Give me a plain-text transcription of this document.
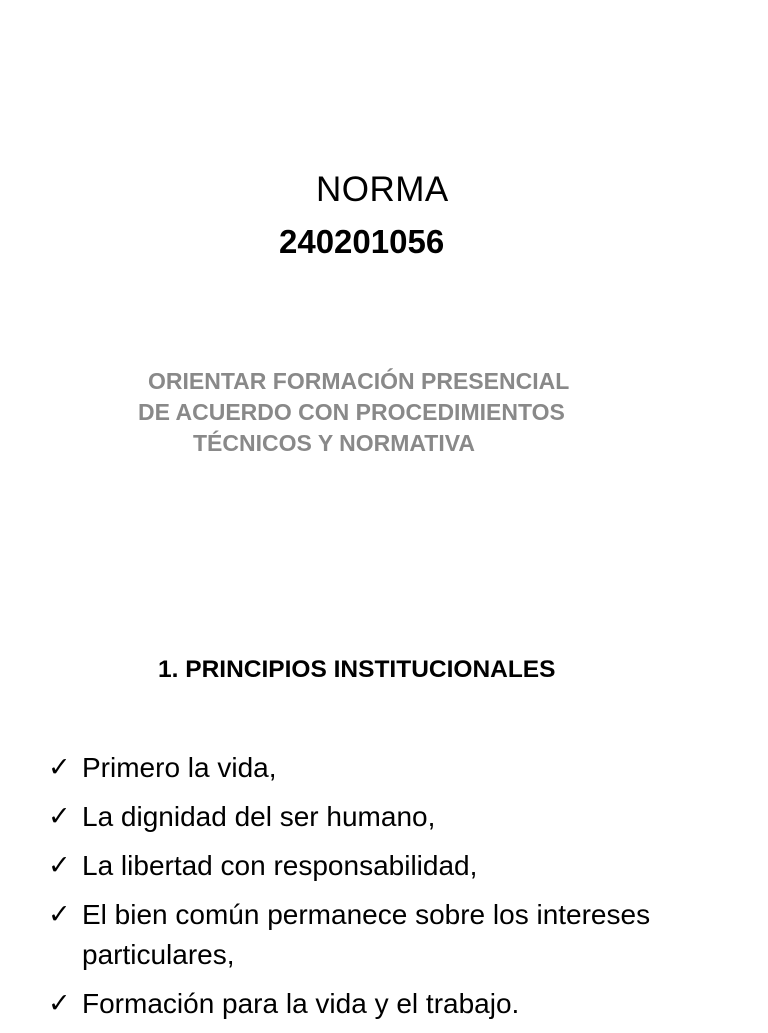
NORMA
240201056
ORIENTAR FORMACIÓN PRESENCIAL
DE ACUERDO CON PROCEDIMIENTOS
TÉCNICOS Y NORMATIVA
1. PRINCIPIOS INSTITUCIONALES
✓ Primero la vida,
✓ La dignidad del ser humano,
✓ La libertad con responsabilidad,
✓ El bien común permanece sobre los intereses particulares,
✓ Formación para la vida y el trabajo.
